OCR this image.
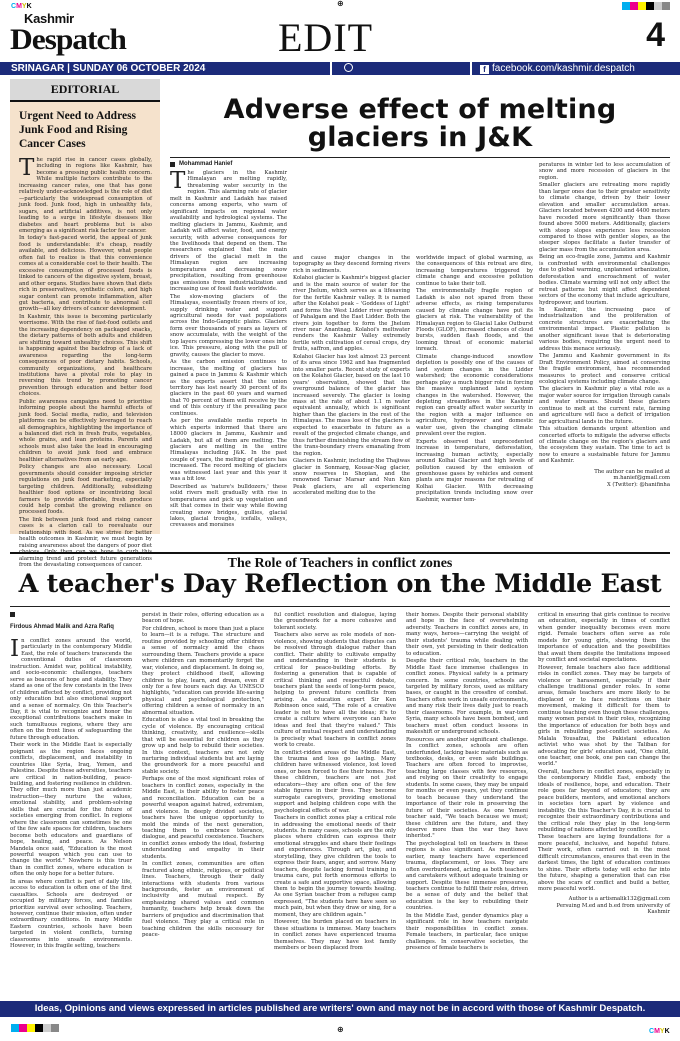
C M Y K	⊕
Kashmir
Despatch	EDIT	4
SRINAGAR | SUNDAY 06 OCTOBER 2024
www.kashmirdespatch.com
f facebook.com/kashmir.despatch
EDITORIAL
Urgent Need to Address Junk Food and Rising Cancer Cases

The rapid rise in cancer cases globally, including in regions like Kashmir, has become a pressing public health concern. While multiple factors contribute to the increasing cancer rates, one that has gone relatively under-acknowledged is the role of diet—particularly the widespread consumption of junk food. Junk food, high in unhealthy fats, sugars, and artificial additives, is not only leading to a surge in lifestyle diseases like diabetes and heart problems but is also emerging as a significant risk factor for cancer.

In today's fast-paced world, the appeal of junk food is understandable: it's cheap, readily available, and delicious. However, what people often fail to realize is that this convenience comes at a considerable cost to their health. The excessive consumption of processed foods is linked to cancers of the digestive system, breast, and other organs. Studies have shown that diets rich in preservatives, synthetic colors, and high sugar content can promote inflammation, alter gut bacteria, and contribute to abnormal cell growth—all key drivers of cancer development.

In Kashmir, this issue is becoming particularly worrisome. With the rise of fast-food outlets and the increasing dependency on packaged snacks, the dietary patterns of both adults and children are shifting toward unhealthy choices. This shift is happening against the backdrop of a lack of awareness regarding the long-term consequences of poor dietary habits. Schools, community organizations, and healthcare institutions have a pivotal role to play in reversing this trend by promoting cancer prevention through education and better food choices.

Public awareness campaigns need to prioritise informing people about the harmful effects of junk food. Social media, radio, and television platforms can be effectively leveraged to reach all demographics, highlighting the importance of a balanced diet rich in fresh fruits, vegetables, whole grains, and lean proteins. Parents and schools must also take the lead in encouraging children to avoid junk food and embrace healthier alternatives from an early age.

Policy changes are also necessary. Local governments should consider imposing stricter regulations on junk food marketing, especially targeting children. Additionally, subsidizing healthier food options or incentivizing local farmers to provide affordable, fresh produce could help combat the growing reliance on processed foods.

The link between junk food and rising cancer cases is a clarion call to reevaluate our relationship with food. As we strive for better health outcomes in Kashmir, we must begin by raising awareness about the dangers of poor diet choices. Only then can we hope to curb this alarming trend and protect future generations from the devastating consequences of cancer.

Adverse effect of melting glaciers in J&K
Mohammad Hanief

The glaciers in the Kashmir Himalayan are melting rapidly, threatening water security in the region. This alarming rate of glacier melt in Kashmir and Ladakh has raised concerns among experts, who warn of significant impacts on regional water availability and hydrological systems. The melting glaciers in Jammu, Kashmir, and Ladakh will affect water, food, and energy security, with adverse consequences for the livelihoods that depend on them. The researchers explained that the main drivers of the glacial melt in the Himalayan region are increasing temperatures and decreasing snow precipitation, resulting from greenhouse gas emissions from industrialization and increasing use of fossil fuels worldwide.

The slow-moving glaciers of the Himalayas, essentially frozen rivers of ice, supply drinking water and support agricultural needs for vast populations across the Indo-Gangetic plains. Glaciers form over thousands of years as layers of snow accumulate, with the weight of the top layers compressing the lower ones into ice. This pressure, along with the pull of gravity, causes the glacier to move.

As the carbon emission continues to increase, the melting of glaciers has gained a pace in Jammu & Kashmir which as the experts assert that the union territory has lost nearly 30 percent of its glaciers in the past 60 years and warned that 70 percent of them will receive by the end of this century if the prevailing pace continues.

As per the available media reports in which experts informed that there are 18000 glaciers in Jammu, Kashmir and Ladakh, but all of them are melting. The glaciers are melting in the entire Himalayas including J&K. In the past couple of years, the melting of glaciers has increased. The record melting of glaciers was witnessed last year and this year it was a bit low.

Described as 'nature's bulldozers,' these solid rivers melt gradually with rise in temperatures and pick up vegetation and silt that comes in their way while flowing creating snow bridges, gullies, glacial lakes, glacial troughs, icefalls, valleys, crevasses and moraines

and cause major changes in the topography as they descend forming rivers rich in sediments.

Kolahoi glacier is Kashmir's biggest glacier and is the main source of water for the river Jhelum, which serves as a lifesaving for the fertile Kashmir valley. It is named after the Kolahoi peak – 'Goddess of Light' and forms the West Lidder river upstream of Pahalgam and the East Lidder. Both the rivers join together to form the Jhelum river near Anantnag. Kolahoi's meltwater renders the Kashmir Valley extremely fertile with cultivation of cereal crops, dry fruits, saffron, and apples.

Kolahoi Glacier has lost almost 23 percent of its area since 1962 and has fragmented into smaller parts. Recent study of experts on the Kolahoi Glacier, based on the last 10 years' observation, showed that the overground balance of the glacier has increased severely. The glacier is losing mass at the rate of about 1.1 m water equivalent annually, which is significant higher than the glaciers in the rest of the Himalayas. The mass loss of the glaciers is expected to exacerbate in future as a result of the projected climate change, and thus further diminishing the stream flow of the trans-boundary rivers emanating from the region.

Glaciers in Kashmir, including the Thajiwas glacier in Sonmarg, Kousar-Nag glacier, snow reserves in Shopian, and the renowned Tarsar Marsar and Nun Kun Peak glaciers, are all experiencing accelerated melting due to the

worldwide impact of global warming, as the consequences of this retreat are dire, increasing temperatures triggered by climate change and excessive pollution continue to take their toll.

The environmentally fragile region of Ladakh is also not spared from these adverse effects, as rising temperatures caused by climate change have put its glaciers at risk. The vulnerability of the Himalayan region to Glacial Lake Outburst Floods (GLOF), increased chances of cloud bursts, sudden flash floods, and the looming threat of economic material inreach.

Climate change-induced snowflow depletion is possibly one of the causes of land system changes in the Lidder watershed; the economic considerations perhaps play a much bigger role in forcing the massive unplanned land system changes in the watershed. However, the depleting streamflows in the Kashmir region can greatly affect water security in the region with a major influence on agriculture, hydropower and domestic water use, given the changing climate prevalent over the region.

Experts observed that unprecedented increase in temperature, deforestation, increasing human activity, especially around Kolhai Glacier and high levels of pollution caused by the emission of greenhouse gases by vehicles and cement plants are major reasons for retreating of Kolhai Glacier. With decreasing precipitation trends including snow over Kashmir, warmer tem-

peratures in winter led to less accumulation of snow and more recession of glaciers in the region.

Smaller glaciers are retreating more rapidly than larger ones due to their greater sensitivity to climate change, driven by their lower elevation and smaller accumulation areas. Glaciers located between 4200 and 4400 meters have receded more significantly than those found above 5000 meters. Additionally, glaciers with steep slopes experience less recession compared to those with gentler slopes, as the steeper slopes facilitate a faster transfer of glacier mass from the accumulation area.

Being an eco-fragile zone, Jammu and Kashmir is confronted with environmental challenges due to global warming, unplanned urbanization, deforestation and encroachment of water bodies. Climate warming will not only affect the retreat patterns but might affect dependent sectors of the economy that include agriculture, hydropower, and tourism.

In Kashmir, the increasing pace of industrialization and the proliferation of concrete structures are exacerbating the environmental impact. Plastic pollution is another significant issue that is deteriorating various bodies, requiring the urgent need to address this menace seriously.

The Jammu and Kashmir government in its Draft Environment Policy, aimed at conserving the fragile environment, has recommended measures to protect and conserve critical ecological systems including climate change.

The glaciers in Kashmir play a vital role as a major water source for irrigation through canals and water streams. Should these glaciers continue to melt at the current rate, farming and agriculture will face a deficit of irrigation for agricultural lands in the future.

This situation demands urgent attention and concerted efforts to mitigate the adverse effects of climate change on the region's glaciers and the ecosystem they sustain. The time to act is now to ensure a sustainable future for Jammu and Kashmir.

The author can be mailed at m.hanief@gmail.com
X (Twitter): @hanifinha
The Role of Teachers in conflict zones
A teacher's Day Reflection on the Middle East
Firdous Ahmad Malik and Azra Rafiq

In conflict zones around the world, particularly in the contemporary Middle East, the role of teachers transcends the conventional duties of classroom instruction. Amidst war, political instability, and socio-economic challenges, teachers serve as beacons of hope and stability. They stand as one of the few constants in the lives of children affected by conflict, providing not only education but also emotional support and a sense of normalcy. On this Teacher's Day, it is vital to recognize and honor the exceptional contributions teachers make in such tumultuous regions, where they are often on the front lines of safeguarding the future through education.

Their work in the Middle East is especially poignant as the region faces ongoing conflicts, displacement, and instability in countries like Syria, Iraq, Yemen, and Palestine. Despite these adversities, teachers are critical in nation-building, peace-building, and fostering resilience in children. They offer much more than just academic instruction—they nurture the values, emotional stability, and problem-solving skills that are crucial for the future of societies emerging from conflict. In regions where the classroom can sometimes be one of the few safe spaces for children, teachers become both educators and guardians of hope, healing, and peace. As Nelson Mandela once said, "Education is the most powerful weapon which you can use to change the world." Nowhere is this truer than in conflict zones, where education is often the only hope for a better future.

In areas where conflict is part of daily life, access to education is often one of the first casualties. Schools are destroyed or occupied by military forces, and families prioritize survival over schooling. Teachers, however, continue their mission, often under extraordinary conditions. In many Middle Eastern countries, schools have been targeted in violent conflicts, turning classrooms into unsafe environments. However, in this fragile setting, teachers

persist in their roles, offering education as a beacon of hope.

For children, school is more than just a place to learn—it is a refuge. The structure and routine provided by schooling offer children a sense of normalcy amid the chaos surrounding them. Teachers provide a space where children can momentarily forget the war, violence, and displacement. In doing so, they protect childhood itself, allowing children to play, learn, and dream, even if only for a few hours each day. As UNESCO highlights, "education can provide life-saving physical and psychological protection," offering children a sense of normalcy in an abnormal situation.

Education is also a vital tool in breaking the cycle of violence. By encouraging critical thinking, creativity, and resilience—skills that will be essential for children as they grow up and help to rebuild their societies. In this context, teachers are not only nurturing individual students but are laying the groundwork for a more peaceful and stable society.

Perhaps one of the most significant roles of teachers in conflict zones, especially in the Middle East, is their ability to foster peace and reconciliation. Education can be a powerful weapon against hatred, extremism, and violence. In deeply divided societies, teachers have the unique opportunity to mold the minds of the next generation, teaching them to embrace tolerance, dialogue, and peaceful coexistence. Teachers in conflict zones embody the ideal, fostering understanding and empathy in their students.

In conflict zones, communities are often fractured along ethnic, religious, or political lines. Teachers, through their daily interactions with students from various backgrounds, foster an environment of inclusivity and mutual respect. By emphasizing shared values and common humanity, teachers help break down the barriers of prejudice and discrimination that fuel violence. They play a critical role in teaching children the skills necessary for peace-

ful conflict resolution and dialogue, laying the groundwork for a more cohesive and tolerant society.

Teachers also serve as role models of non-violence, showing students that disputes can be resolved through dialogue rather than conflict. Their ability to cultivate empathy and understanding in their students is critical for peace-building efforts. By fostering a generation that is capable of critical thinking and respectful debate, teachers plant the seeds of long-term peace, helping to prevent future conflicts from arising. As education expert Sir Ken Robinson once said, "The role of a creative leader is not to have all the ideas; it's to create a culture where everyone can have ideas and feel that they're valued." This culture of mutual respect and understanding is precisely what teachers in conflict zones work to create.

In conflict-ridden areas of the Middle East, the trauma and loss go lasting. Many children have witnessed violence, lost loved ones, or been forced to flee their homes. For these children, teachers are not just educators—they are often one of the few stable figures in their lives. They become surrogate caregivers, providing emotional support and helping children cope with the psychological effects of war.

Teachers in conflict zones play a critical role in addressing the emotional needs of their students. In many cases, schools are the only places where children can express their emotional struggles and share their feelings and experiences. Through art, play, and storytelling, they give children the tools to express their fears, anger, and sorrow. Many teachers, despite lacking formal training in trauma care, put forth enormous efforts to create a safe and supportive space, allowing them to begin the journey towards healing. As one Syrian teacher from a refugee camp expressed, "The students here have seen so much pain, but when they draw or sing, for a moment, they are children again."

However, the burden placed on teachers in these situations is immense. Many teachers in conflict zones have experienced trauma themselves. They may have lost family members or been displaced from

their homes. Despite their personal stability and hope in the face of overwhelming adversity. Teachers in conflict zones are, in many ways, heroes—carrying the weight of their students' trauma while dealing with their own, yet persisting in their dedication to education.

Despite their critical role, teachers in the Middle East face immense challenges in conflict zones. Physical safety is a primary concern. In some countries, schools are targeted by military forces, used as military bases, or caught in the crossfire of combat. Teachers often work in unsafe environments, and many risk their lives daily just to reach their classrooms. For example, in war-torn Syria, many schools have been bombed, and teachers must often conduct lessons in makeshift or underground schools.

Resources are another significant challenge. In conflict zones, schools are often underfunded, lacking basic materials such as textbooks, desks, or even safe buildings. Teachers are often forced to improvise, teaching large classes with few resources, and relying on their creativity to engage students. In some cases, they may be unpaid for months or even years, yet they continue to teach because they understand the importance of their role in preserving the future of their societies. As one Yemeni teacher said, "We teach because we must; these children are the future, and they deserve more than the war they have inherited."

The psychological toll on teachers in these regions is also significant. As mentioned earlier, many teachers have experienced trauma, displacement, or loss. They are often overburdened, acting as both teachers and caretakers without adequate training or support. Despite these immense pressures, teachers continue to fulfill their roles, driven be a sense of duty and the belief that education is the key to rebuilding their countries.

In the Middle East, gender dynamics play a significant role in how teachers navigate their responsibilities in conflict zones. Female teachers, in particular, face unique challenges. In conservative societies, the presence of female teachers is

critical in ensuring that girls continue to receive an education, especially in times of conflict when gender inequality becomes even more rigid. Female teachers often serve as role models for young girls, showing them the importance of education and the possibilities that await them despite the limitations imposed by conflict and societal expectations.

However, female teachers also face additional risks in conflict zones. They may be targets of violence or harassment, especially if their challenge traditional gender roles. In some areas, female teachers are more likely to be displaced or to face restrictions on their movement, making it difficult for them to continue teaching even though these challenges, many women persist in their roles, recognizing the importance of education for both boys and girls in rebuilding post-conflict societies. As Malala Yousafzai, the Pakistani education activist who was shot by the Taliban for advocating for girls' education said, "One child, one teacher, one book, one pen can change the world."

Overall, teachers in conflict zones, especially in the contemporary Middle East, embody the ideals of resilience, hope, and education. Their role goes far beyond of educators; they are peace builders, mentors, and emotional anchors in societies torn apart by violence and instability. On this Teacher's Day, it is crucial to recognize their extraordinary contributions and the critical role they play in the long-term rebuilding of nations affected by conflict.

These teachers are laying foundations for a more peaceful, inclusive, and hopeful future. Their work, often carried out in the most difficult circumstances, ensures that even in the darkest times, the light of education continues to shine. Their efforts today will echo far into the future, shaping a generation that can rise above the scars of conflict and build a better, more peaceful world.

Author is a artismalik132@gmail.com
Persuing M.ed and b.ed from university of Kashmir
Ideas, Opinions and views expressed in articles published are writers' own and may not be in accord with those of Kashmir Despatch.
⊕	C M Y K
